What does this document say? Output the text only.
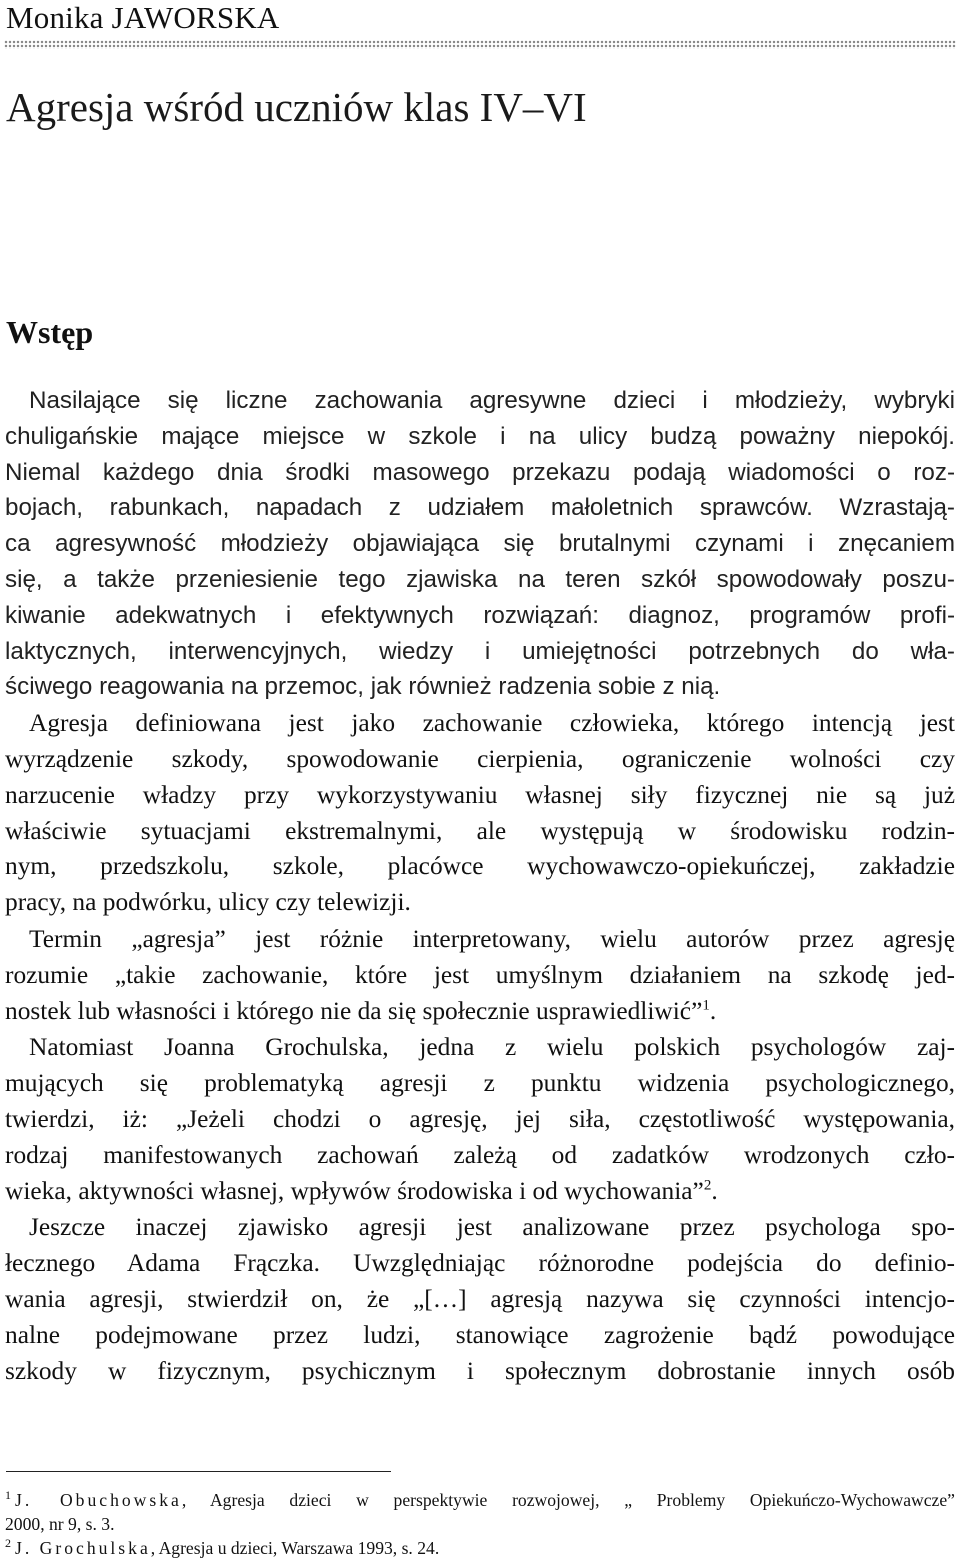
Monika JAWORSKA
Agresja wśród uczniów klas IV–VI
Wstęp
Nasilające się liczne zachowania agresywne dzieci i młodzieży, wybryki
chuligańskie mające miejsce w szkole i na ulicy budzą poważny niepokój.
Niemal każdego dnia środki masowego przekazu podają wiadomości o roz-
bojach, rabunkach, napadach z udziałem małoletnich sprawców. Wzrastają-
ca agresywność młodzieży objawiająca się brutalnymi czynami i znęcaniem
się, a także przeniesienie tego zjawiska na teren szkół spowodowały poszu-
kiwanie adekwatnych i efektywnych rozwiązań: diagnoz, programów profi-
laktycznych, interwencyjnych, wiedzy i umiejętności potrzebnych do wła-
ściwego reagowania na przemoc, jak również radzenia sobie z nią.
Agresja definiowana jest jako zachowanie człowieka, którego intencją jest
wyrządzenie szkody, spowodowanie cierpienia, ograniczenie wolności czy
narzucenie władzy przy wykorzystywaniu własnej siły fizycznej nie są już
właściwie sytuacjami ekstremalnymi, ale występują w środowisku rodzin-
nym, przedszkolu, szkole, placówce wychowawczo-opiekuńczej, zakładzie
pracy, na podwórku, ulicy czy telewizji.
Termin „agresja” jest różnie interpretowany, wielu autorów przez agresję
rozumie „takie zachowanie, które jest umyślnym działaniem na szkodę jed-
nostek lub własności i którego nie da się społecznie usprawiedliwić”$^1$.
Natomiast Joanna Grochulska, jedna z wielu polskich psychologów zaj-
mujących się problematyką agresji z punktu widzenia psychologicznego,
twierdzi, iż: „Jeżeli chodzi o agresję, jej siła, częstotliwość występowania,
rodzaj manifestowanych zachowań zależą od zadatków wrodzonych czło-
wieka, aktywności własnej, wpływów środowiska i od wychowania”$^2$.
Jeszcze inaczej zjawisko agresji jest analizowane przez psychologa spo-
łecznego Adama Frączka. Uwzględniając różnorodne podejścia do definio-
wania agresji, stwierdził on, że „[…] agresją nazywa się czynności intencjo-
nalne podejmowane przez ludzi, stanowiące zagrożenie bądź powodujące
szkody w fizycznym, psychicznym i społecznym dobrostanie innych osób
$^1$ J. Obuchowska, Agresja dzieci w perspektywie rozwojowej, „ Problemy Opiekuńczo-Wychowawcze”
2000, nr 9, s. 3.
$^2$ J. Grochulska, Agresja u dzieci, Warszawa 1993, s. 24.
